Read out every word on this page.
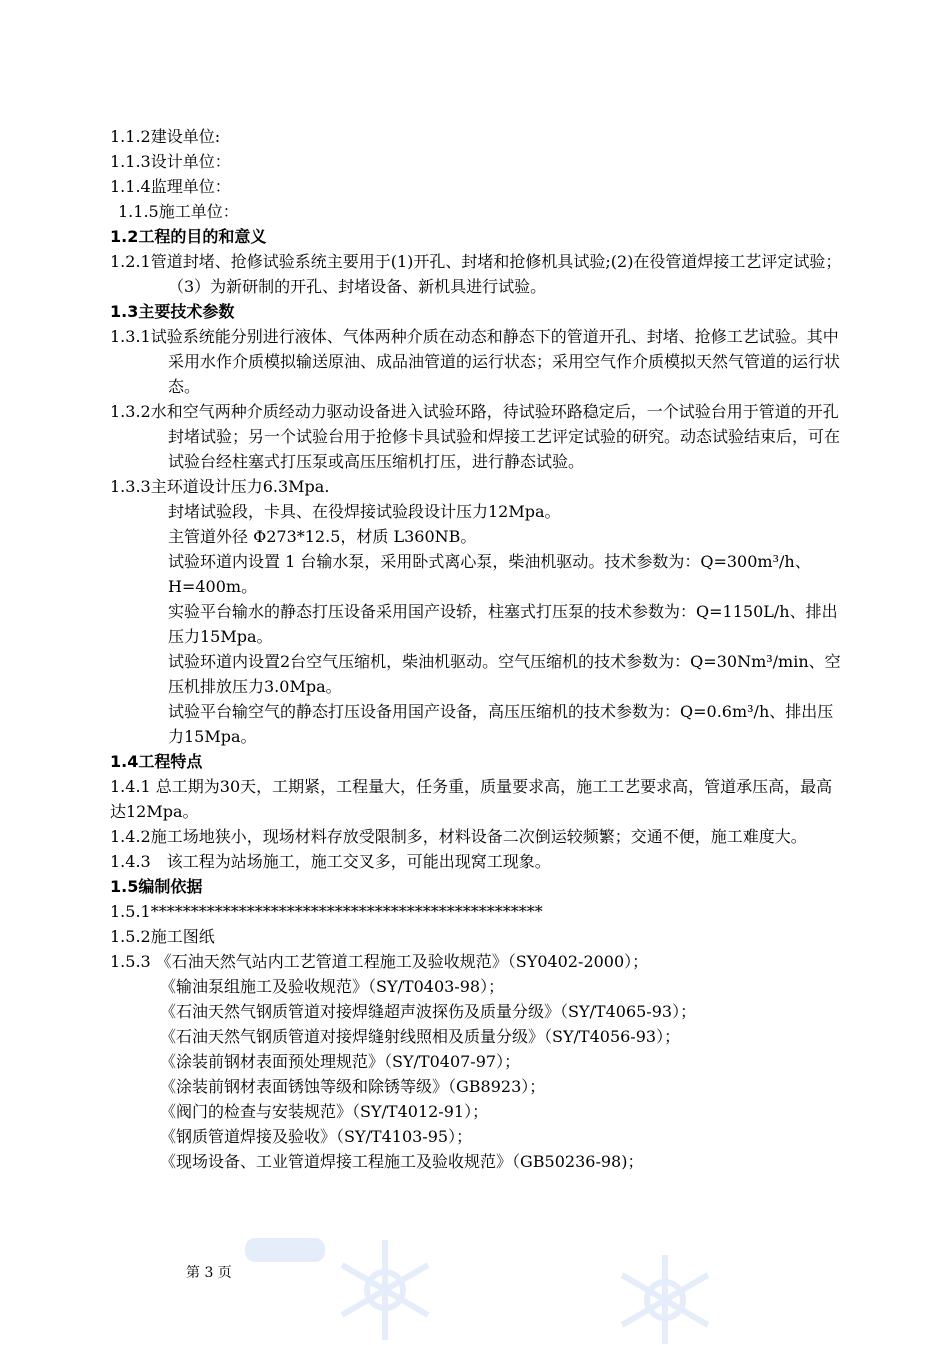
1.1.2建设单位:

1.1.3设计单位：

1.1.4监理单位：

1.1.5施工单位：

1.2工程的目的和意义

1.2.1管道封堵、抢修试验系统主要用于(1)开孔、封堵和抢修机具试验;(2)在役管道焊接工艺评定试验；（3）为新研制的开孔、封堵设备、新机具进行试验。

1.3主要技术参数

1.3.1试验系统能分别进行液体、气体两种介质在动态和静态下的管道开孔、封堵、抢修工艺试验。其中采用水作介质模拟输送原油、成品油管道的运行状态；采用空气作介质模拟天然气管道的运行状态。

1.3.2水和空气两种介质经动力驱动设备进入试验环路，待试验环路稳定后，一个试验台用于管道的开孔封堵试验；另一个试验台用于抢修卡具试验和焊接工艺评定试验的研究。动态试验结束后，可在试验台经柱塞式打压泵或高压压缩机打压，进行静态试验。

1.3.3主环道设计压力6.3Mpa.

封堵试验段，卡具、在役焊接试验段设计压力12Mpa。

主管道外径 Φ273*12.5，材质 L360NB。

试验环道内设置 1 台输水泵，采用卧式离心泵，柴油机驱动。技术参数为：Q=300m³/h、H=400m。

实验平台输水的静态打压设备采用国产设轿，柱塞式打压泵的技术参数为：Q=1150L/h、排出压力15Mpa。

试验环道内设置2台空气压缩机，柴油机驱动。空气压缩机的技术参数为：Q=30Nm³/min、空压机排放压力3.0Mpa。

试验平台输空气的静态打压设备用国产设备，高压压缩机的技术参数为：Q=0.6m³/h、排出压力15Mpa。

1.4工程特点

1.4.1 总工期为30天，工期紧，工程量大，任务重，质量要求高，施工工艺要求高，管道承压高，最高达12Mpa。

1.4.2施工场地狭小，现场材料存放受限制多，材料设备二次倒运较频繁；交通不便，施工难度大。

1.4.3　该工程为站场施工，施工交叉多，可能出现窝工现象。

1.5编制依据

1.5.1*************************************************

1.5.2施工图纸

1.5.3 《石油天然气站内工艺管道工程施工及验收规范》（SY0402-2000）；

《输油泵组施工及验收规范》（SY/T0403-98）；

《石油天然气钢质管道对接焊缝超声波探伤及质量分级》（SY/T4065-93）；

《石油天然气钢质管道对接焊缝射线照相及质量分级》（SY/T4056-93）；

《涂装前钢材表面预处理规范》（SY/T0407-97）；

《涂装前钢材表面锈蚀等级和除锈等级》（GB8923）；

《阀门的检查与安装规范》（SY/T4012-91）；

《钢质管道焊接及验收》（SY/T4103-95）；

《现场设备、工业管道焊接工程施工及验收规范》（GB50236-98)；

第 3 页
